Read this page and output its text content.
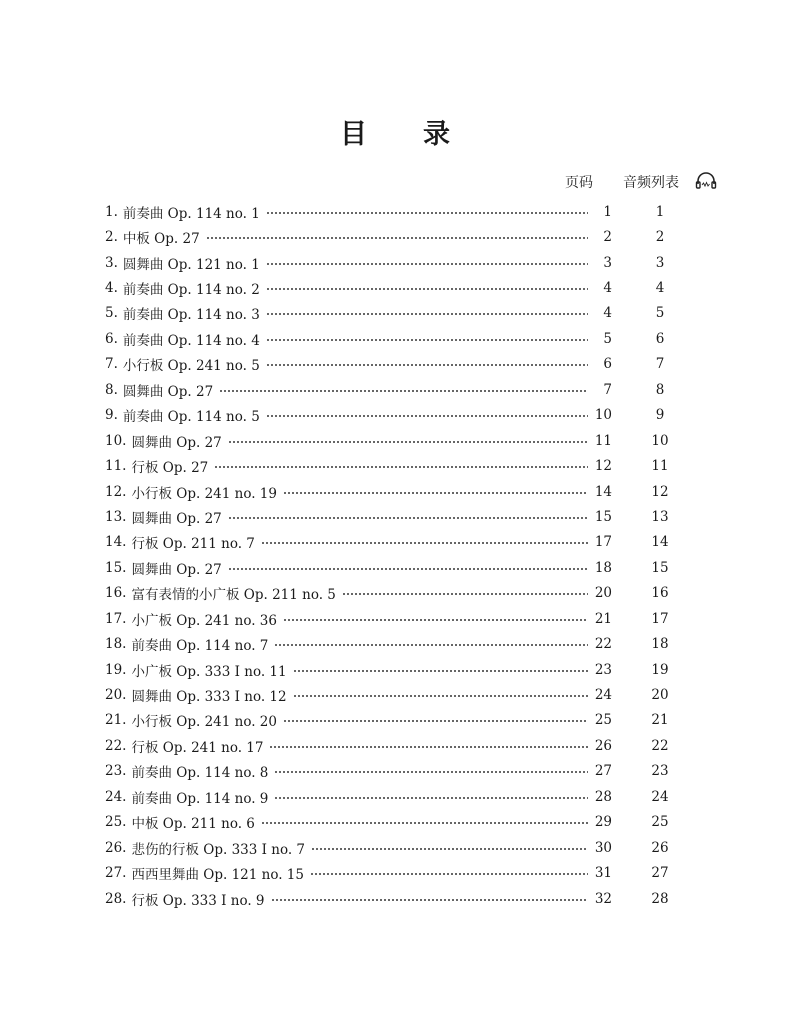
目 录
页码 音频列表
1. 前奏曲 Op. 114 no. 1	1	1
2. 中板 Op. 27	2	2
3. 圆舞曲 Op. 121 no. 1	3	3
4. 前奏曲 Op. 114 no. 2	4	4
5. 前奏曲 Op. 114 no. 3	4	5
6. 前奏曲 Op. 114 no. 4	5	6
7. 小行板 Op. 241 no. 5	6	7
8. 圆舞曲 Op. 27	7	8
9. 前奏曲 Op. 114 no. 5	10	9
10. 圆舞曲 Op. 27	11	10
11. 行板 Op. 27	12	11
12. 小行板 Op. 241 no. 19	14	12
13. 圆舞曲 Op. 27	15	13
14. 行板 Op. 211 no. 7	17	14
15. 圆舞曲 Op. 27	18	15
16. 富有表情的小广板 Op. 211 no. 5	20	16
17. 小广板 Op. 241 no. 36	21	17
18. 前奏曲 Op. 114 no. 7	22	18
19. 小广板 Op. 333 Ⅰ no. 11	23	19
20. 圆舞曲 Op. 333 Ⅰ no. 12	24	20
21. 小行板 Op. 241 no. 20	25	21
22. 行板 Op. 241 no. 17	26	22
23. 前奏曲 Op. 114 no. 8	27	23
24. 前奏曲 Op. 114 no. 9	28	24
25. 中板 Op. 211 no. 6	29	25
26. 悲伤的行板 Op. 333 Ⅰ no. 7	30	26
27. 西西里舞曲 Op. 121 no. 15	31	27
28. 行板 Op. 333 Ⅰ no. 9	32	28
